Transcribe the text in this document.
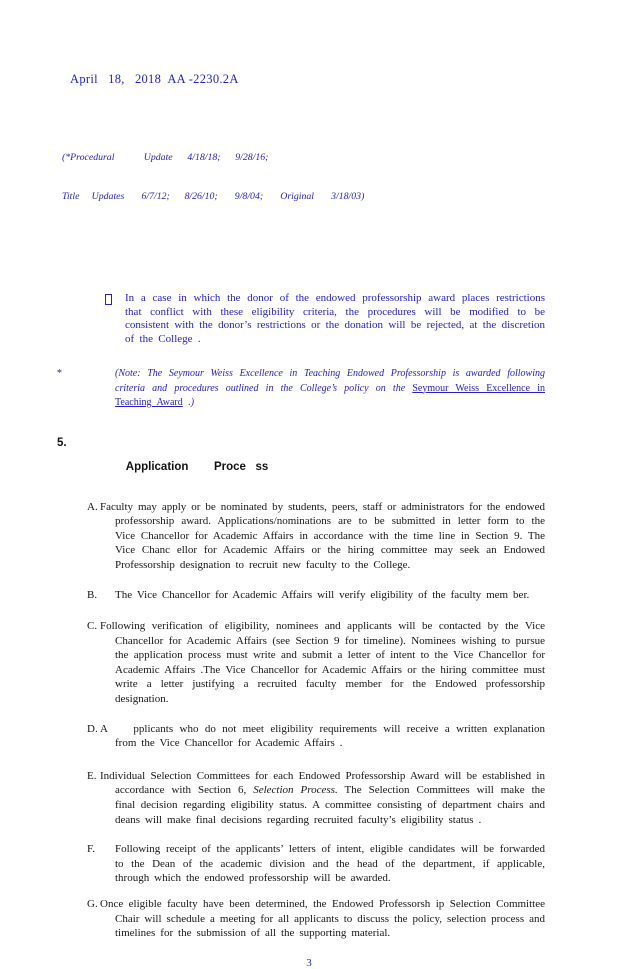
April   18,   2018  AA -2230.2A

(*Procedural            Update      4/18/18;      9/28/16;

Title     Updates       6/7/12;      8/26/10;       9/8/04;       Original       3/18/03)

In a case in which the donor of the endowed professorship award places restrictions that conflict with these eligibility criteria, the procedures will be modified to be consistent with the donor’s restrictions or the donation will be rejected, at the discretion of the College .
*	(Note: The Seymour Weiss Excellence in Teaching Endowed Professorship is awarded following criteria and procedures outlined in the College’s policy on the Seymour Weiss Excellence in Teaching Award .)

5.

Application        Proce   ss

A. Faculty may apply or be nominated by students, peers, staff or administrators for the endowed professorship award. Applications/nominations are to be submitted in letter form to the Vice Chancellor for Academic Affairs in accordance with the time line in Section 9. The Vice Chanc ellor for Academic Affairs or the hiring committee may seek an Endowed Professorship designation to recruit new faculty to the College.

B. The Vice Chancellor for Academic Affairs will verify eligibility of the faculty mem ber.

C. Following verification of eligibility, nominees and applicants will be contacted by the Vice Chancellor for Academic Affairs (see Section 9 for timeline). Nominees wishing to pursue the application process must write and submit a letter of intent to the Vice Chancellor for Academic Affairs .The Vice Chancellor for Academic Affairs or the hiring committee must write a letter justifying a recruited faculty member for the Endowed professorship designation.

D. A    pplicants who do not meet eligibility requirements will receive a written explanation from the Vice Chancellor for Academic Affairs .

E. Individual Selection Committees for each Endowed Professorship Award will be established in accordance with Section 6, Selection Process. The Selection Committees will make the final decision regarding eligibility status. A committee consisting of department chairs and deans will make final decisions regarding recruited faculty’s eligibility status .

F. Following receipt of the applicants’ letters of intent, eligible candidates will be forwarded to the Dean of the academic division and the head of the department, if applicable, through which the endowed professorship will be awarded.

G. Once eligible faculty have been determined, the Endowed Professorsh ip Selection Committee Chair will schedule a meeting for all applicants to discuss the policy, selection process and timelines for the submission of all the supporting material.

3
